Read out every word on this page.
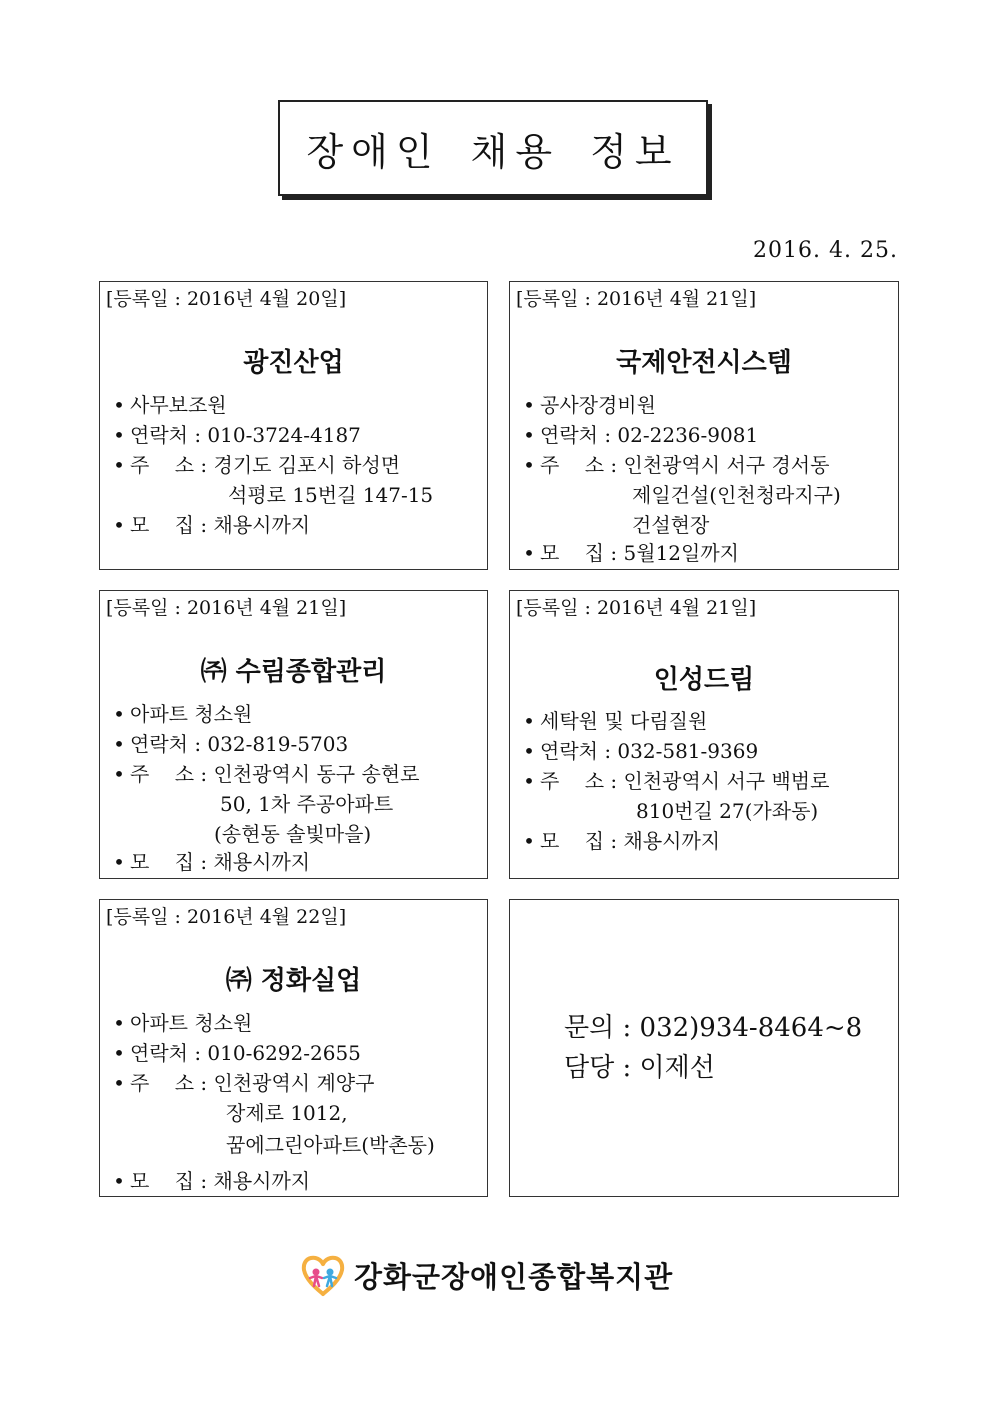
장애인 채용 정보
2016. 4. 25.
[등록일 : 2016년 4월 20일]
광진산업
• 사무보조원
• 연락처 : 010-3724-4187
• 주    소 : 경기도 김포시 하성면
석평로 15번길 147-15
• 모    집 : 채용시까지
[등록일 : 2016년 4월 21일]
국제안전시스템
• 공사장경비원
• 연락처 : 02-2236-9081
• 주    소 : 인천광역시 서구 경서동
제일건설(인천청라지구)
건설현장
• 모    집 : 5월12일까지
[등록일 : 2016년 4월 21일]
㈜ 수림종합관리
• 아파트 청소원
• 연락처 : 032-819-5703
• 주    소 : 인천광역시 동구 송현로
50, 1차 주공아파트
(송현동 솔빛마을)
• 모    집 : 채용시까지
[등록일 : 2016년 4월 21일]
인성드림
• 세탁원 및 다림질원
• 연락처 : 032-581-9369
• 주    소 : 인천광역시 서구 백범로
810번길 27(가좌동)
• 모    집 : 채용시까지
[등록일 : 2016년 4월 22일]
㈜ 정화실업
• 아파트 청소원
• 연락처 : 010-6292-2655
• 주    소 : 인천광역시 계양구
장제로 1012,
꿈에그린아파트(박촌동)
• 모    집 : 채용시까지
문의 : 032)934-8464~8
담당 : 이제선
강화군장애인종합복지관
